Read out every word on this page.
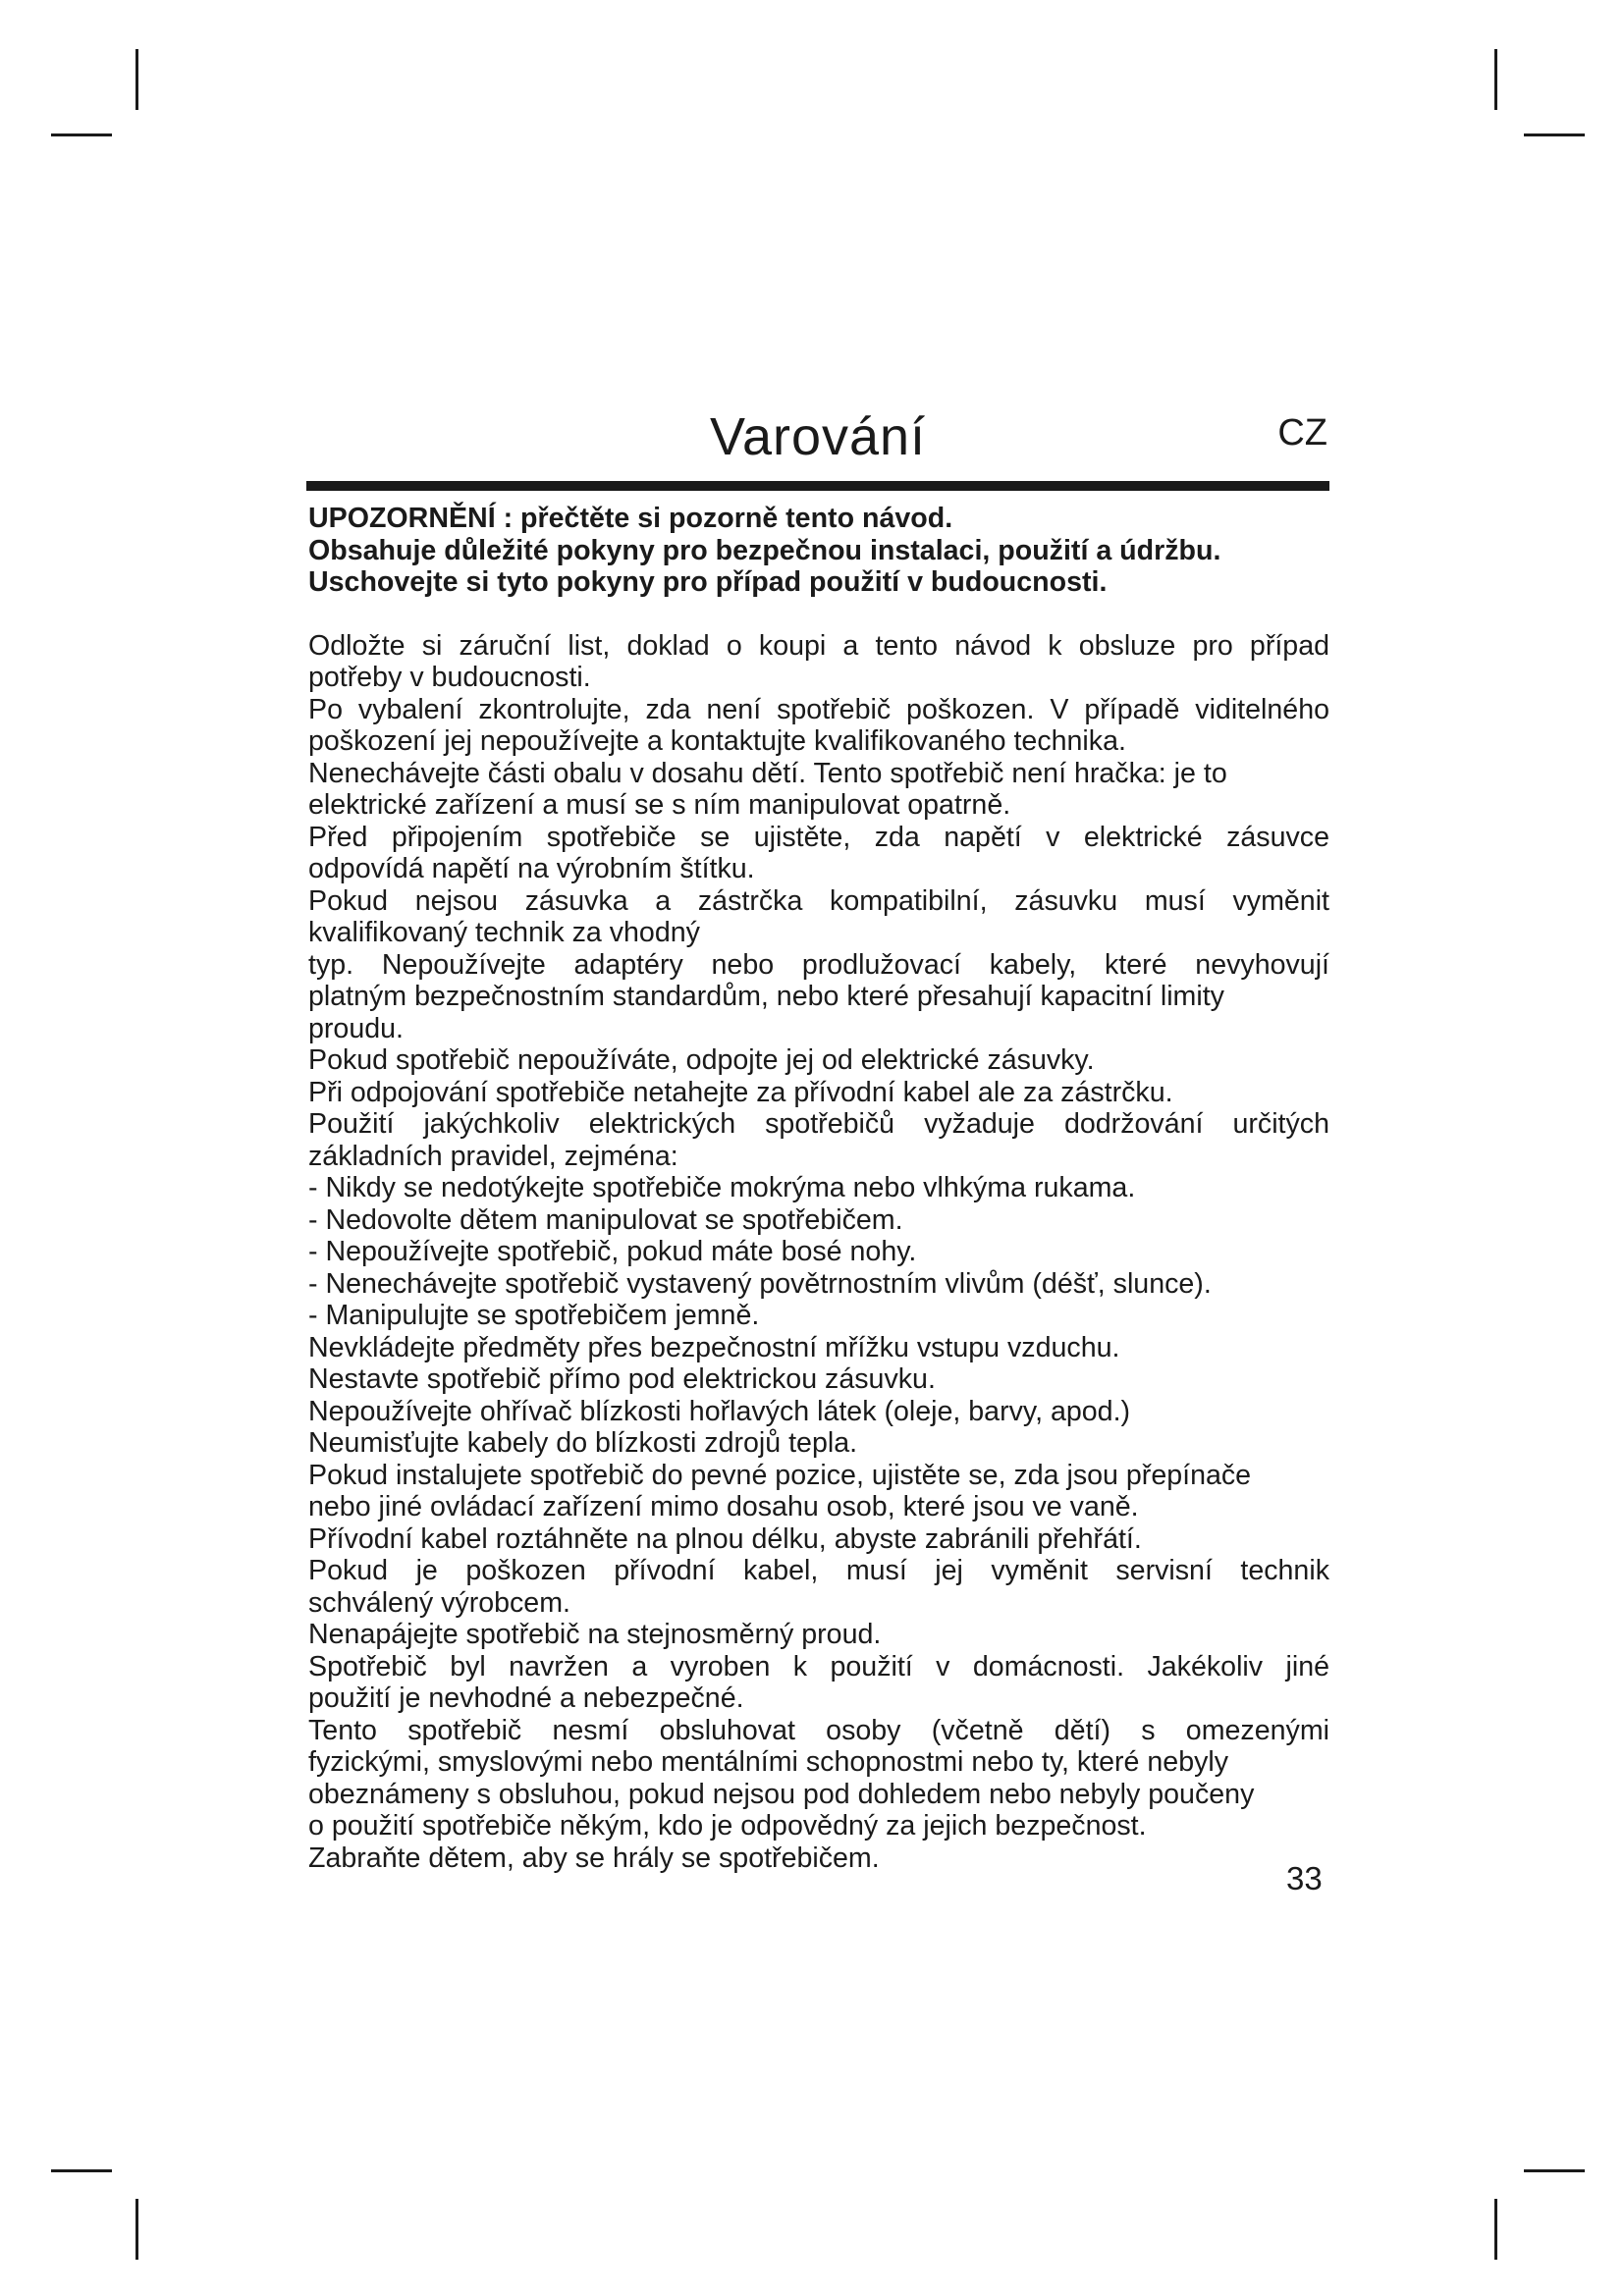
Varování	CZ

UPOZORNĚNÍ : přečtěte si pozorně tento návod.
Obsahuje důležité pokyny pro bezpečnou instalaci, použití a údržbu.
Uschovejte si tyto pokyny pro případ použití v budoucnosti.

Odložte si záruční list, doklad o koupi a tento návod k obsluze pro případ

potřeby v budoucnosti.

Po vybalení zkontrolujte, zda není spotřebič poškozen. V případě viditelného

poškození jej nepoužívejte a kontaktujte kvalifikovaného technika.

Nenechávejte části obalu v dosahu dětí. Tento spotřebič není hračka: je to

elektrické zařízení a musí se s ním manipulovat opatrně.

Před připojením spotřebiče se ujistěte, zda napětí v elektrické zásuvce

odpovídá napětí na výrobním štítku.

Pokud nejsou zásuvka a zástrčka kompatibilní, zásuvku musí vyměnit

kvalifikovaný technik za vhodný

typ. Nepoužívejte adaptéry nebo prodlužovací kabely, které nevyhovují

platným bezpečnostním standardům, nebo které přesahují kapacitní limity

proudu.

Pokud spotřebič nepoužíváte, odpojte jej od elektrické zásuvky.

Při odpojování spotřebiče netahejte za přívodní kabel ale za zástrčku.

Použití jakýchkoliv elektrických spotřebičů vyžaduje dodržování určitých

základních pravidel, zejména:

- Nikdy se nedotýkejte spotřebiče mokrýma nebo vlhkýma rukama.

- Nedovolte dětem manipulovat se spotřebičem.

- Nepoužívejte spotřebič, pokud máte bosé nohy.

- Nenechávejte spotřebič vystavený povětrnostním vlivům (déšť, slunce).

- Manipulujte se spotřebičem jemně.

Nevkládejte předměty přes bezpečnostní mřížku vstupu vzduchu.

Nestavte spotřebič přímo pod elektrickou zásuvku.

Nepoužívejte ohřívač blízkosti hořlavých látek (oleje, barvy, apod.)

Neumisťujte kabely do blízkosti zdrojů tepla.

Pokud instalujete spotřebič do pevné pozice, ujistěte se, zda jsou přepínače

nebo jiné ovládací zařízení mimo dosahu osob, které jsou ve vaně.

Přívodní kabel roztáhněte na plnou délku, abyste zabránili přehřátí.

Pokud je poškozen přívodní kabel, musí jej vyměnit servisní technik

schválený výrobcem.

Nenapájejte spotřebič na stejnosměrný proud.

Spotřebič byl navržen a vyroben k použití v domácnosti. Jakékoliv jiné

použití je nevhodné a nebezpečné.

Tento spotřebič nesmí obsluhovat osoby (včetně dětí) s omezenými

fyzickými, smyslovými nebo mentálními schopnostmi nebo ty, které nebyly

obeznámeny s obsluhou, pokud nejsou pod dohledem nebo nebyly poučeny

o použití spotřebiče někým, kdo je odpovědný za jejich bezpečnost.

Zabraňte dětem, aby se hrály se spotřebičem.

33
